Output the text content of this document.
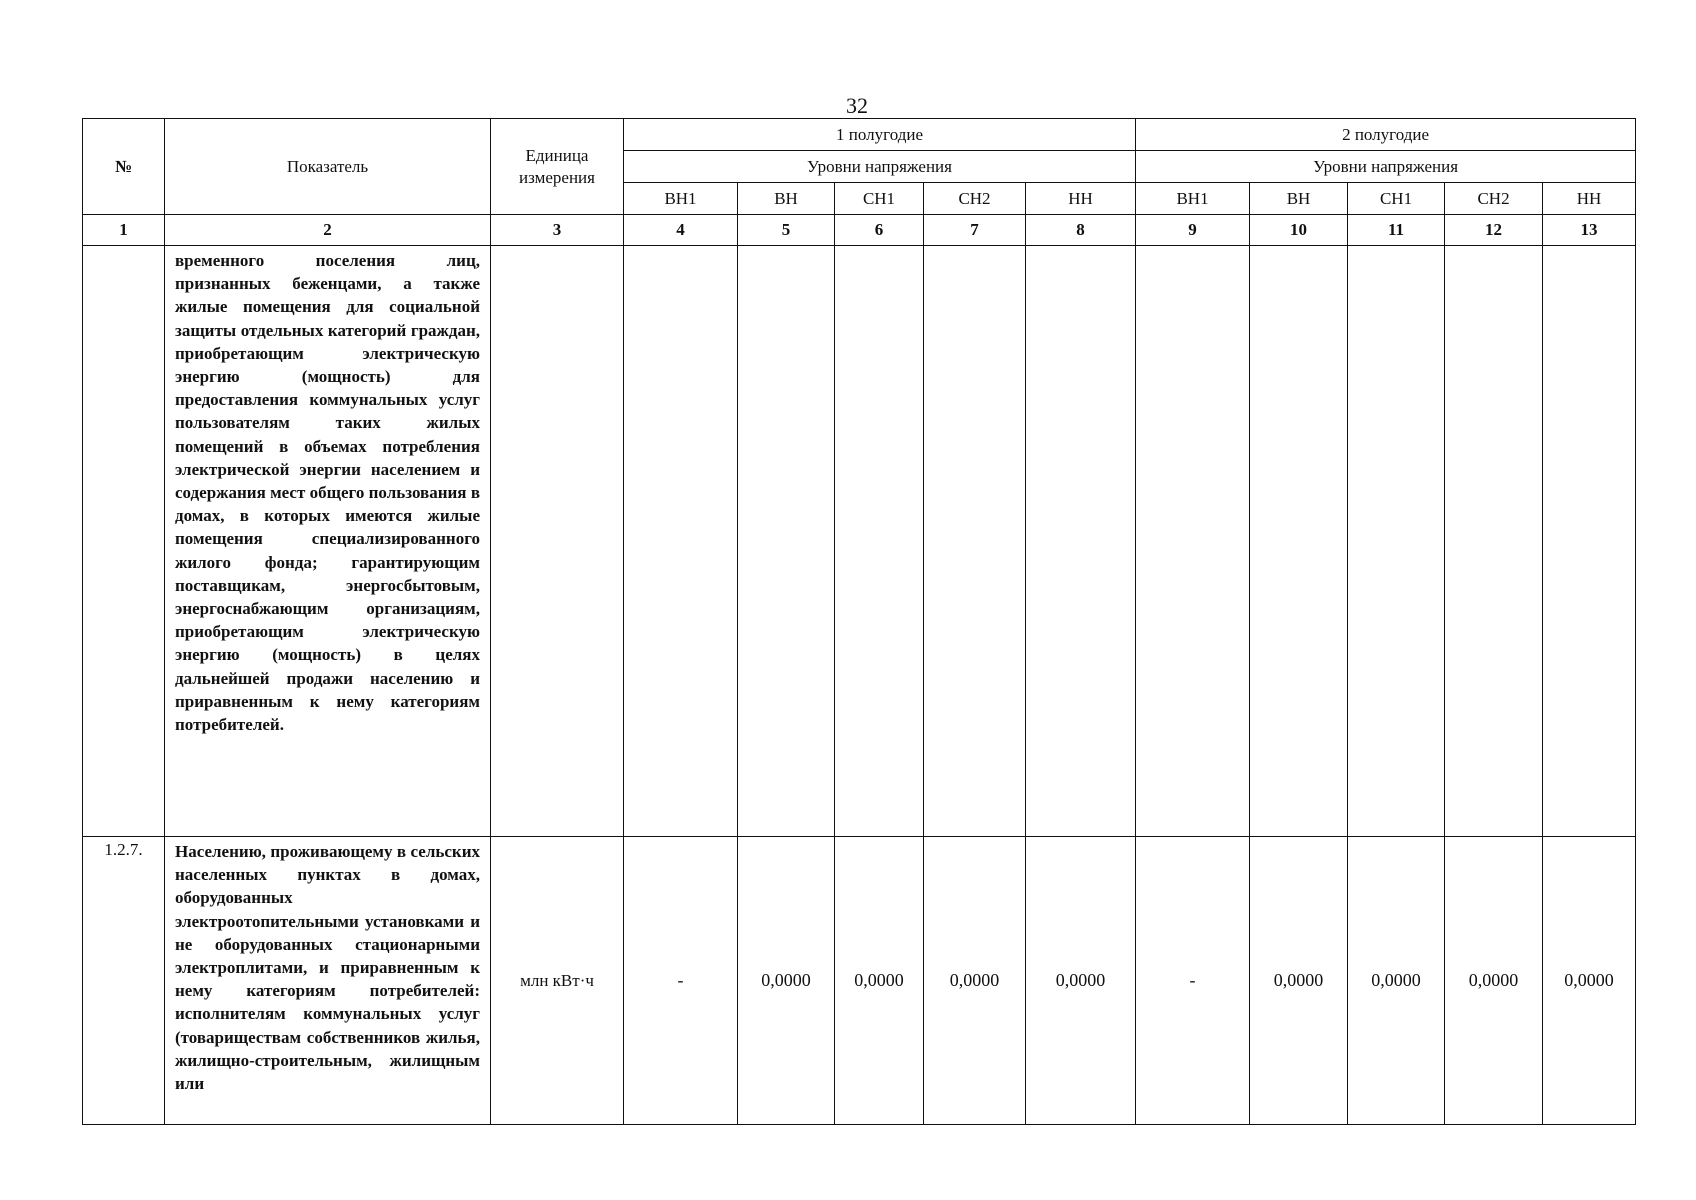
32
№	Показатель	Единица измерения	1 полугодие					2 полугодие				
			Уровни напряжения					Уровни напряжения				
			ВН1	ВН	СН1	СН2	НН	ВН1	ВН	СН1	СН2	НН
1	2	3	4	5	6	7	8	9	10	11	12	13
	временного поселения лиц, признанных беженцами, а также жилые помещения для социальной защиты отдельных категорий граждан, приобретающим электрическую энергию (мощность) для предоставления коммунальных услуг пользователям таких жилых помещений в объемах потребления электрической энергии населением и содержания мест общего пользования в домах, в которых имеются жилые помещения специализированного жилого фонда; гарантирующим поставщикам, энергосбытовым, энергоснабжающим организациям, приобретающим электрическую энергию (мощность) в целях дальнейшей продажи населению и приравненным к нему категориям потребителей.											
1.2.7.	Населению, проживающему в сельских населенных пунктах в домах, оборудованных электроотопительными установками и не оборудованных стационарными электроплитами, и приравненным к нему категориям потребителей: исполнителям коммунальных услуг (товариществам собственников жилья, жилищно-строительным, жилищным или	млн кВт·ч	-	0,0000	0,0000	0,0000	0,0000	-	0,0000	0,0000	0,0000	0,0000
